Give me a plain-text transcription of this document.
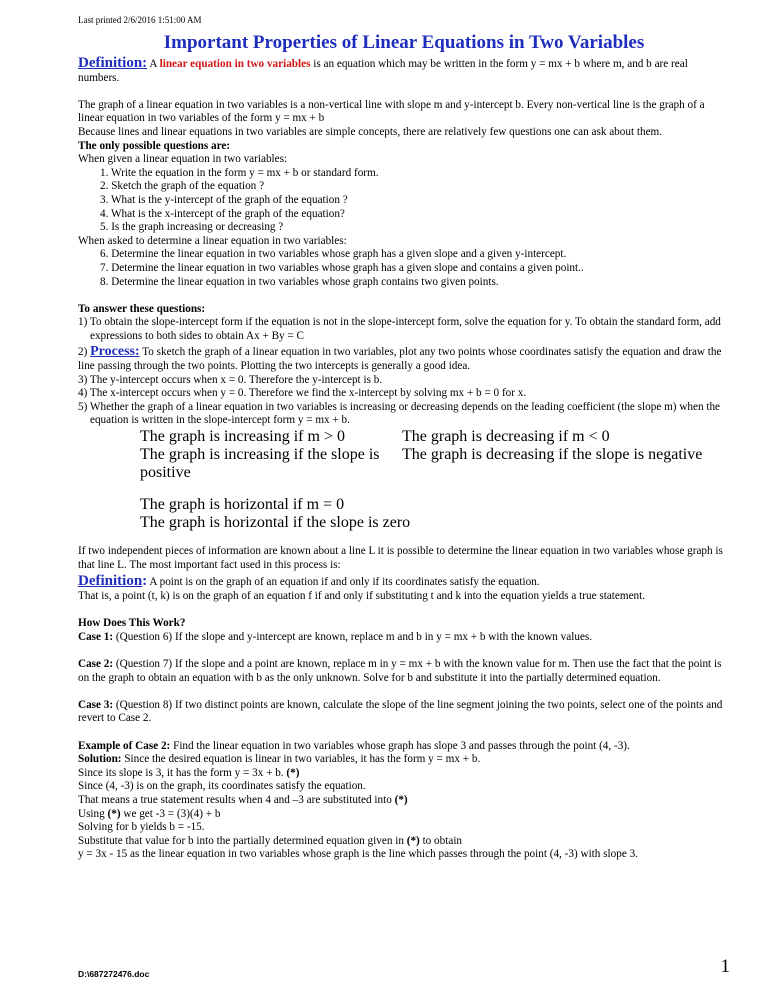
Last printed 2/6/2016 1:51:00 AM

Important Properties of Linear Equations in Two Variables

Definition: A linear equation in two variables is an equation which may be written in the form y = mx + b where m, and b are real numbers.

The graph of a linear equation in two variables is a non-vertical line with slope m and y-intercept b. Every non-vertical line is the graph of a linear equation in two variables of the form y = mx + b

Because lines and linear equations in two variables are simple concepts, there are relatively few questions one can ask about them.

The only possible questions are:

When given a linear equation in two variables:

1. Write the equation in the form y = mx + b or standard form.
2. Sketch the graph of the equation ?
3. What is the y-intercept of the graph of the equation ?
4. What is the x-intercept of the graph of the equation?
5. Is the graph increasing or decreasing ?

When asked to determine a linear equation in two variables:

6. Determine the linear equation in two variables whose graph has a given slope and a given y-intercept.
7. Determine the linear equation in two variables whose graph has a given slope and contains a given point..
8. Determine the linear equation in two variables whose graph contains two given points.

To answer these questions:

1) To obtain the slope-intercept form if the equation is not in the slope-intercept form, solve the equation for y. To obtain the standard form, add expressions to both sides to obtain Ax + By = C

2) Process: To sketch the graph of a linear equation in two variables, plot any two points whose coordinates satisfy the equation and draw the line passing through the two points. Plotting the two intercepts is generally a good idea.

3) The y-intercept occurs when x = 0. Therefore the y-intercept is b.

4) The x-intercept occurs when y = 0. Therefore we find the x-intercept by solving mx + b = 0 for x.

5) Whether the graph of a linear equation in two variables is increasing or decreasing depends on the leading coefficient (the slope m) when the equation is written in the slope-intercept form y = mx + b.

The graph is increasing if m > 0	The graph is decreasing if m < 0
The graph is increasing if the slope is positive
The graph is decreasing if the slope is negative
The graph is horizontal if m = 0
The graph is horizontal if the slope is zero

If two independent pieces of information are known about a line L it is possible to determine the linear equation in two variables whose graph is that line L. The most important fact used in this process is:

Definition: A point is on the graph of an equation if and only if its coordinates satisfy the equation.

That is, a point (t, k) is on the graph of an equation f if and only if substituting t and k into the equation yields a true statement.

How Does This Work?

Case 1: (Question 6) If the slope and y-intercept are known, replace m and b in y = mx + b with the known values.

Case 2: (Question 7) If the slope and a point are known, replace m in y = mx + b with the known value for m. Then use the fact that the point is on the graph to obtain an equation with b as the only unknown. Solve for b and substitute it into the partially determined equation.

Case 3: (Question 8) If two distinct points are known, calculate the slope of the line segment joining the two points, select one of the points and revert to Case 2.

Example of Case 2: Find the linear equation in two variables whose graph has slope 3 and passes through the point (4, -3).

Solution: Since the desired equation is linear in two variables, it has the form y = mx + b.

Since its slope is 3, it has the form y = 3x + b. (*)

Since (4, -3) is on the graph, its coordinates satisfy the equation.

That means a true statement results when 4 and –3 are substituted into (*)

Using (*) we get -3 = (3)(4) + b

Solving for b yields b = -15.

Substitute that value for b into the partially determined equation given in (*) to obtain

y = 3x - 15 as the linear equation in two variables whose graph is the line which passes through the point (4, -3) with slope 3.

D:\687272476.doc	1
